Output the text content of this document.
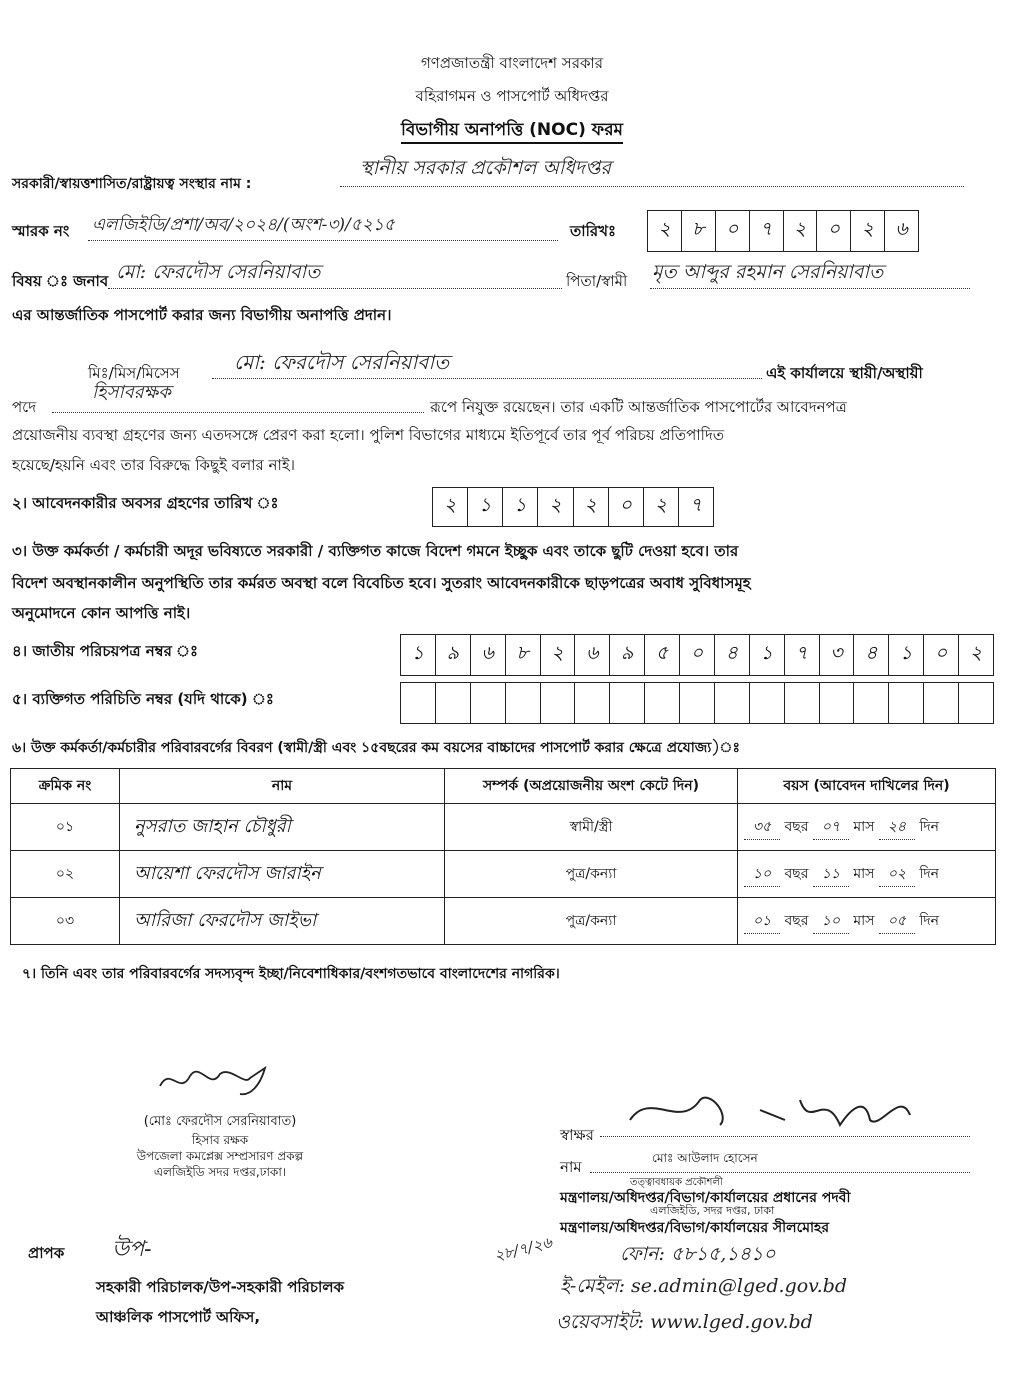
গণপ্রজাতন্ত্রী বাংলাদেশ সরকার
বহিরাগমন ও পাসপোর্ট অধিদপ্তর
বিভাগীয় অনাপত্তি (NOC) ফরম
সরকারী/স্বায়ত্তশাসিত/রাষ্ট্রায়ত্ব সংস্থার নাম :
স্থানীয় সরকার প্রকৌশল অধিদপ্তর
স্মারক নং এলজিইডি/প্রশা/অব/২০২৪/(অংশ-৩)/৫২১৫	তারিখঃ	২	৮	০	৭	২	০	২	৬
বিষয় ঃ জনাব মো: ফেরদৌস সেরনিয়াবাত	পিতা/স্বামী মৃত আব্দুর রহমান সেরনিয়াবাত
এর আন্তর্জাতিক পাসপোর্ট করার জন্য বিভাগীয় অনাপত্তি প্রদান।
মিঃ/মিস/মিসেস	মো: ফেরদৌস সেরনিয়াবাত	এই কার্যালয়ে স্থায়ী/অস্থায়ী
পদে
হিসাবরক্ষক
রূপে নিযুক্ত রয়েছেন। তার একটি আন্তর্জাতিক পাসপোর্টের আবেদনপত্র
প্রয়োজনীয় ব্যবস্থা গ্রহণের জন্য এতদসঙ্গে প্রেরণ করা হলো। পুলিশ বিভাগের মাধ্যমে ইতিপূর্বে তার পূর্ব পরিচয় প্রতিপাদিত
হয়েছে/হয়নি এবং তার বিরুদ্ধে কিছুই বলার নাই।
২। আবেদনকারীর অবসর গ্রহণের তারিখ ঃ	২	১	১	২	২	০	২	৭
৩। উক্ত কর্মকর্তা / কর্মচারী অদূর ভবিষ্যতে সরকারী / ব্যক্তিগত কাজে বিদেশ গমনে ইচ্ছুক এবং তাকে ছুটি দেওয়া হবে। তার
বিদেশ অবস্থানকালীন অনুপস্থিতি তার কর্মরত অবস্থা বলে বিবেচিত হবে। সুতরাং আবেদনকারীকে ছাড়পত্রের অবাধ সুবিধাসমূহ
অনুমোদনে কোন আপত্তি নাই।
৪। জাতীয় পরিচয়পত্র নম্বর ঃ	১	৯	৬	৮	২	৬	৯	৫	০	৪	১	৭	৩	৪	১	০	২
৫। ব্যক্তিগত পরিচিতি নম্বর (যদি থাকে) ঃ
৬। উক্ত কর্মকর্তা/কর্মচারীর পরিবারবর্গের বিবরণ (স্বামী/স্ত্রী এবং ১৫বছরের কম বয়সের বাচ্চাদের পাসপোর্ট করার ক্ষেত্রে প্রযোজ্য)ঃ
ক্রমিক নং	নাম	সম্পর্ক (অপ্রয়োজনীয় অংশ কেটে দিন)	বয়স (আবেদন দাখিলের দিন)
০১	নুসরাত জাহান চৌধুরী	স্বামী/স্ত্রী	৩৫ বছর ০৭ মাস ২৪ দিন
০২	আয়েশা ফেরদৌস জারাইন	পুত্র/কন্যা	১০ বছর ১১ মাস ০২ দিন
০৩	আরিজা ফেরদৌস জাইভা	পুত্র/কন্যা	০১ বছর ১০ মাস ০৫ দিন
৭। তিনি এবং তার পরিবারবর্গের সদস্যবৃন্দ ইচ্ছা/নিবেশাধিকার/বংশগতভাবে বাংলাদেশের নাগরিক।
(মোঃ ফেরদৌস সেরনিয়াবাত)
হিসাব রক্ষক
উপজেলা কমপ্লেক্স সম্প্রসারণ প্রকল্প
এলজিইডি সদর দপ্তর,ঢাকা।
স্বাক্ষর
নাম	মোঃ আউলাদ হোসেন
তত্ত্বাবধায়ক প্রকৌশলী
মন্ত্রণালয়/অধিদপ্তর/বিভাগ/কার্যালয়ের প্রধানের পদবী
এলজিইডি, সদর দপ্তর, ঢাকা
মন্ত্রণালয়/অধিদপ্তর/বিভাগ/কার্যালয়ের সীলমোহর
ফোন: ৫৮১৫,১৪১০
ই-মেইল: se.admin@lged.gov.bd
ওয়েবসাইট: www.lged.gov.bd
২৮/৭/২৬
প্রাপক উপ-
সহকারী পরিচালক/উপ-সহকারী পরিচালক
আঞ্চলিক পাসপোর্ট অফিস,
